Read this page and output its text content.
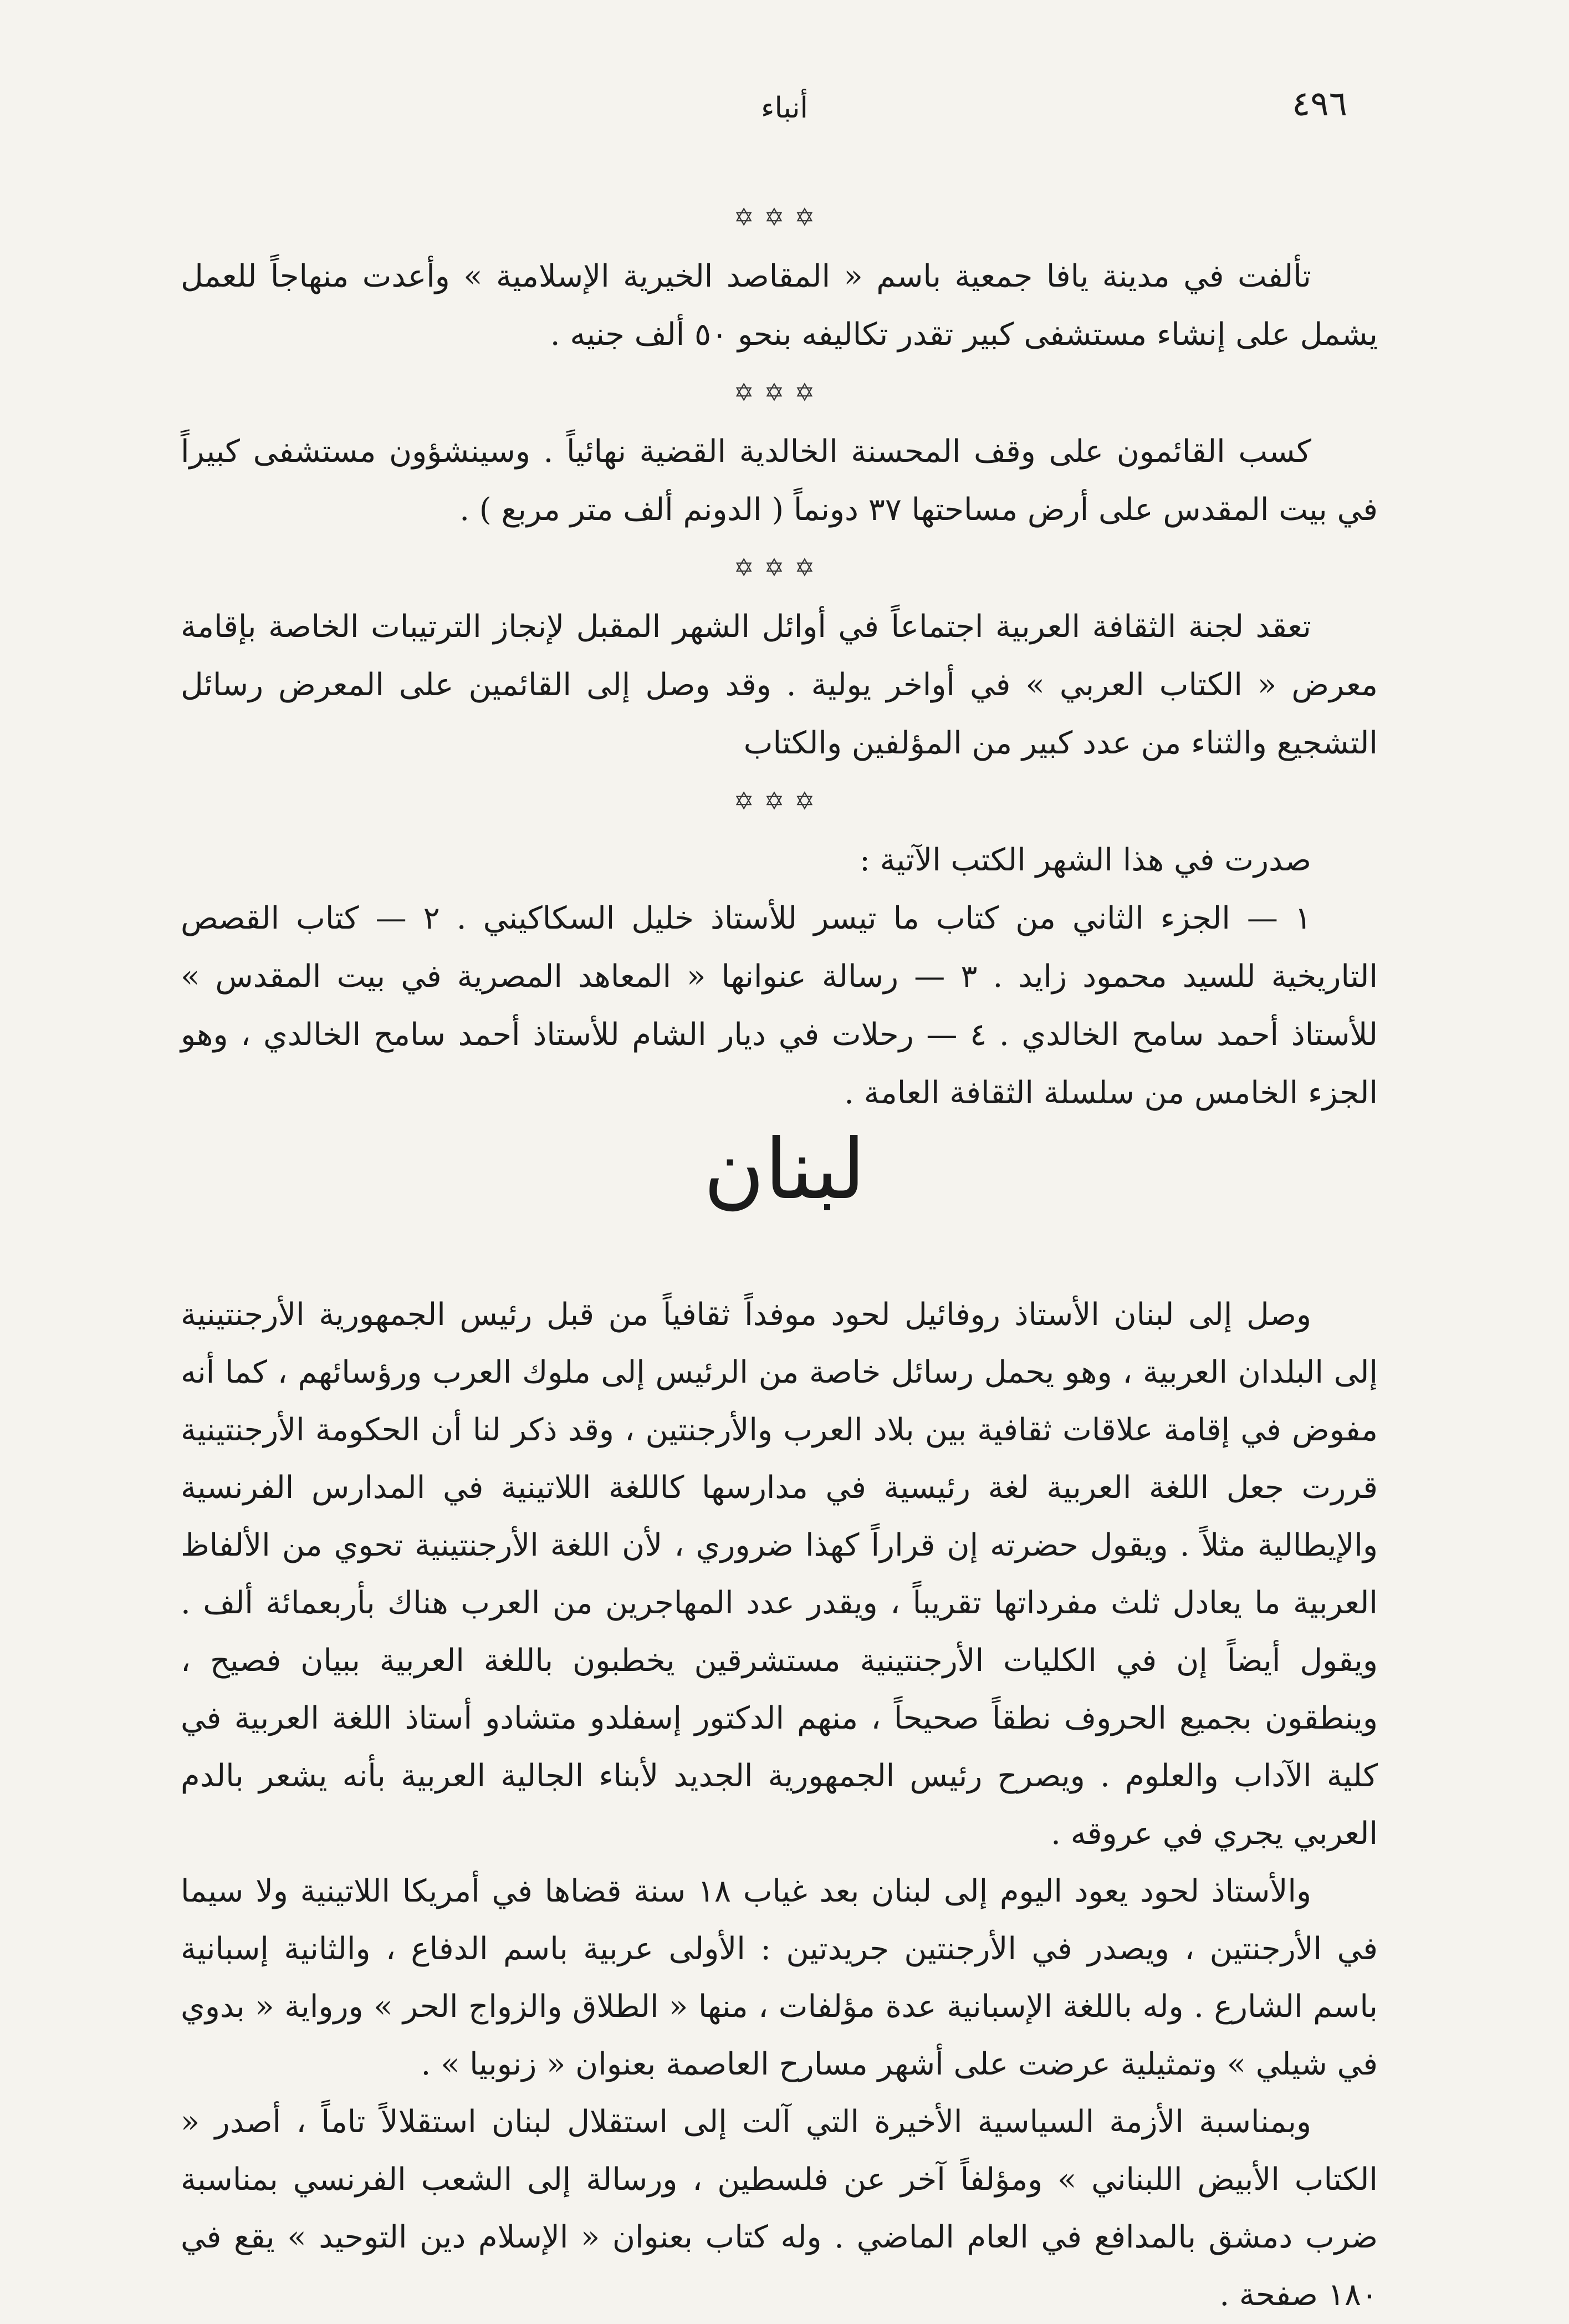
٤٩٦
أنباء
✡✡✡

تألفت في مدينة يافا جمعية باسم « المقاصد الخيرية الإسلامية » وأعدت منهاجاً للعمل يشمل على إنشاء مستشفى كبير تقدر تكاليفه بنحو ٥٠ ألف جنيه .

✡✡✡

كسب القائمون على وقف المحسنة الخالدية القضية نهائياً . وسينشؤون مستشفى كبيراً في بيت المقدس على أرض مساحتها ٣٧ دونماً ( الدونم ألف متر مربع ) .

✡✡✡

تعقد لجنة الثقافة العربية اجتماعاً في أوائل الشهر المقبل لإنجاز الترتيبات الخاصة بإقامة معرض « الكتاب العربي » في أواخر يولية . وقد وصل إلى القائمين على المعرض رسائل التشجيع والثناء من عدد كبير من المؤلفين والكتاب

✡✡✡

صدرت في هذا الشهر الكتب الآتية :

١ — الجزء الثاني من كتاب ما تيسر للأستاذ خليل السكاكيني . ٢ — كتاب القصص التاريخية للسيد محمود زايد . ٣ — رسالة عنوانها « المعاهد المصرية في بيت المقدس » للأستاذ أحمد سامح الخالدي . ٤ — رحلات في ديار الشام للأستاذ أحمد سامح الخالدي ، وهو الجزء الخامس من سلسلة الثقافة العامة .

لبنان

وصل إلى لبنان الأستاذ روفائيل لحود موفداً ثقافياً من قبل رئيس الجمهورية الأرجنتينية إلى البلدان العربية ، وهو يحمل رسائل خاصة من الرئيس إلى ملوك العرب ورؤسائهم ، كما أنه مفوض في إقامة علاقات ثقافية بين بلاد العرب والأرجنتين ، وقد ذكر لنا أن الحكومة الأرجنتينية قررت جعل اللغة العربية لغة رئيسية في مدارسها كاللغة اللاتينية في المدارس الفرنسية والإيطالية مثلاً . ويقول حضرته إن قراراً كهذا ضروري ، لأن اللغة الأرجنتينية تحوي من الألفاظ العربية ما يعادل ثلث مفرداتها تقريباً ، ويقدر عدد المهاجرين من العرب هناك بأربعمائة ألف . ويقول أيضاً إن في الكليات الأرجنتينية مستشرقين يخطبون باللغة العربية ببيان فصيح ، وينطقون بجميع الحروف نطقاً صحيحاً ، منهم الدكتور إسفلدو متشادو أستاذ اللغة العربية في كلية الآداب والعلوم . ويصرح رئيس الجمهورية الجديد لأبناء الجالية العربية بأنه يشعر بالدم العربي يجري في عروقه .

والأستاذ لحود يعود اليوم إلى لبنان بعد غياب ١٨ سنة قضاها في أمريكا اللاتينية ولا سيما في الأرجنتين ، ويصدر في الأرجنتين جريدتين : الأولى عربية باسم الدفاع ، والثانية إسبانية باسم الشارع . وله باللغة الإسبانية عدة مؤلفات ، منها « الطلاق والزواج الحر » ورواية « بدوي في شيلي » وتمثيلية عرضت على أشهر مسارح العاصمة بعنوان « زنوبيا » .

وبمناسبة الأزمة السياسية الأخيرة التي آلت إلى استقلال لبنان استقلالاً تاماً ، أصدر « الكتاب الأبيض اللبناني » ومؤلفاً آخر عن فلسطين ، ورسالة إلى الشعب الفرنسي بمناسبة ضرب دمشق بالمدافع في العام الماضي . وله كتاب بعنوان « الإسلام دين التوحيد » يقع في ١٨٠ صفحة .
